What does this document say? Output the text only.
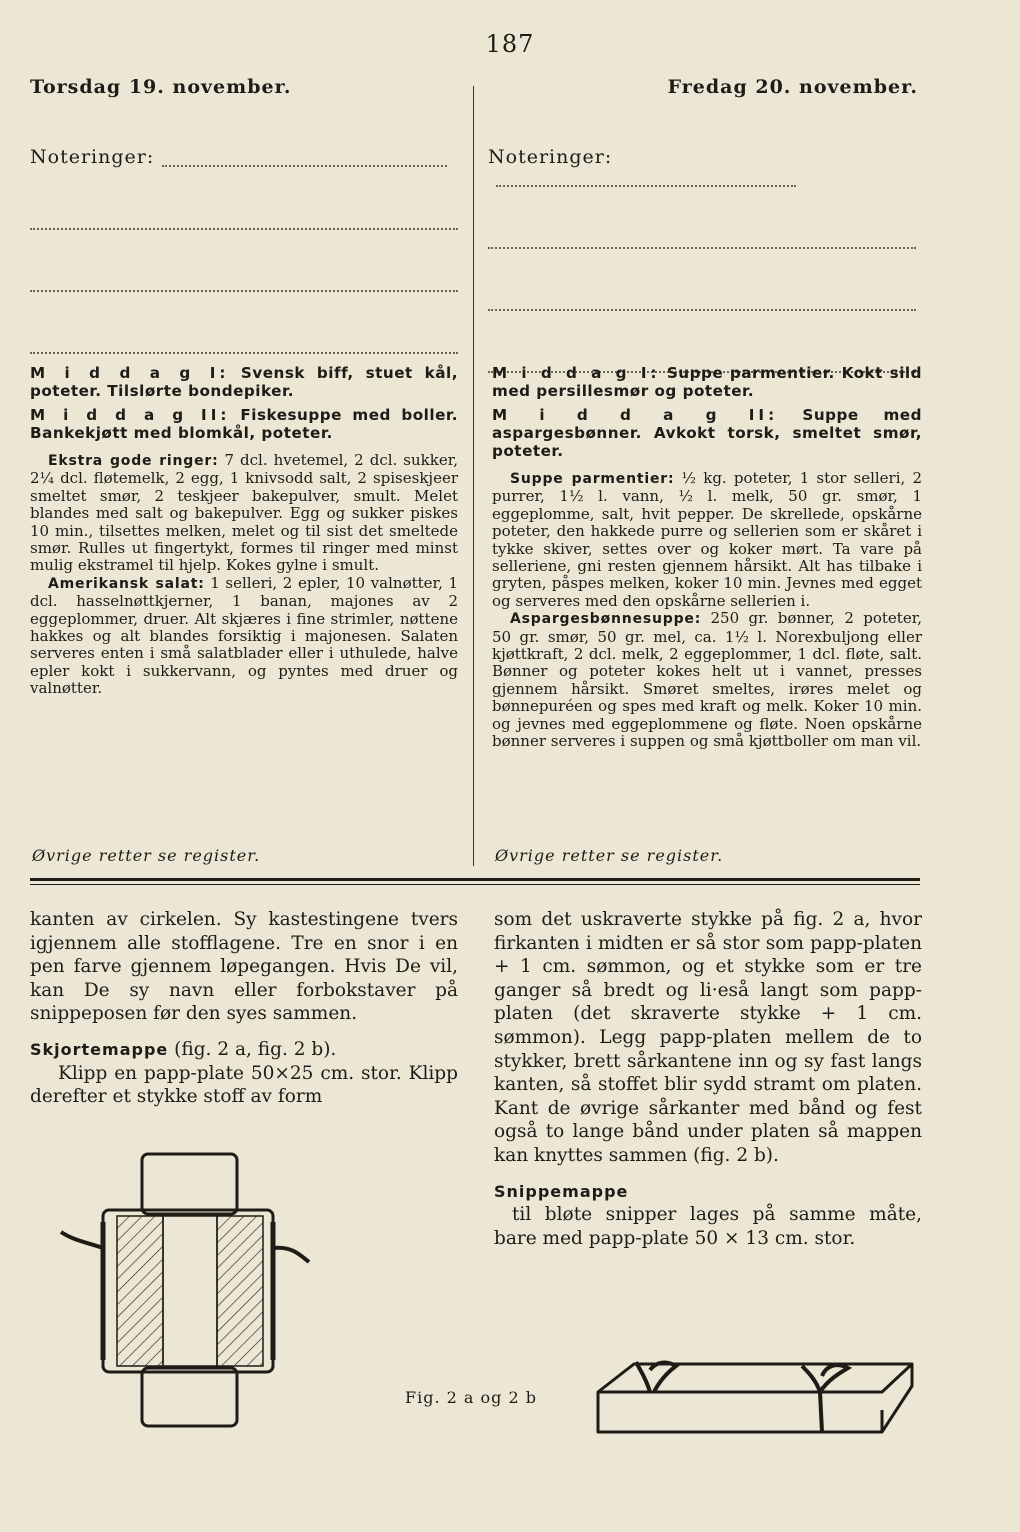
187
Torsdag 19. november.	Fredag 20. november.
Noteringer:	Noteringer:

M i d d a g I: Svensk biff, stuet kål, poteter. Tilslørte bondepiker.

M i d d a g II: Fiskesuppe med boller. Bankekjøtt med blomkål, poteter.

Ekstra gode ringer: 7 dcl. hvetemel, 2 dcl. sukker, 2¼ dcl. fløtemelk, 2 egg, 1 knivsodd salt, 2 spiseskjeer smeltet smør, 2 teskjeer bakepulver, smult. Melet blandes med salt og bakepulver. Egg og sukker piskes 10 min., tilsettes melken, melet og til sist det smeltede smør. Rulles ut fingertykt, formes til ringer med minst mulig ekstramel til hjelp. Kokes gylne i smult.

Amerikansk salat: 1 selleri, 2 epler, 10 valnøtter, 1 dcl. hasselnøttkjerner, 1 banan, majones av 2 eggeplommer, druer. Alt skjæres i fine strimler, nøttene hakkes og alt blandes forsiktig i majonesen. Salaten serveres enten i små salatblader eller i uthulede, halve epler kokt i sukkervann, og pyntes med druer og valnøtter.

M i d d a g I: Suppe parmentier. Kokt sild med persillesmør og poteter.

M i d d a g II: Suppe med aspargesbønner. Avkokt torsk, smeltet smør, poteter.

Suppe parmentier: ½ kg. poteter, 1 stor selleri, 2 purrer, 1½ l. vann, ½ l. melk, 50 gr. smør, 1 eggeplomme, salt, hvit pepper. De skrellede, opskårne poteter, den hakkede purre og sellerien som er skåret i tykke skiver, settes over og koker mørt. Ta vare på selleriene, gni resten gjennem hårsikt. Alt has tilbake i gryten, påspes melken, koker 10 min. Jevnes med egget og serveres med den opskårne sellerien i.

Aspargesbønnesuppe: 250 gr. bønner, 2 poteter, 50 gr. smør, 50 gr. mel, ca. 1½ l. Norexbuljong eller kjøttkraft, 2 dcl. melk, 2 eggeplommer, 1 dcl. fløte, salt. Bønner og poteter kokes helt ut i vannet, presses gjennem hårsikt. Smøret smeltes, irøres melet og bønnepuréen og spes med kraft og melk. Koker 10 min. og jevnes med eggeplommene og fløte. Noen opskårne bønner serveres i suppen og små kjøttboller om man vil.

Øvrige retter se register.	Øvrige retter se register.

kanten av cirkelen. Sy kastestingene tvers igjennem alle stofflagene. Tre en snor i en pen farve gjennem løpegangen. Hvis De vil, kan De sy navn eller forbokstaver på snippeposen før den syes sammen.

Skjortemappe (fig. 2 a, fig. 2 b).

Klipp en papp-plate 50×25 cm. stor. Klipp derefter et stykke stoff av form

som det uskraverte stykke på fig. 2 a, hvor firkanten i midten er så stor som papp-platen + 1 cm. sømmon, og et stykke som er tre ganger så bredt og li·eså langt som papp-platen (det skraverte stykke + 1 cm. sømmon). Legg papp-platen mellem de to stykker, brett sårkantene inn og sy fast langs kanten, så stoffet blir sydd stramt om platen. Kant de øvrige sårkanter med bånd og fest også to lange bånd under platen så mappen kan knyttes sammen (fig. 2 b).

Snippemappe

til bløte snipper lages på samme måte, bare med papp-plate 50 × 13 cm. stor.

Fig. 2 a og 2 b
